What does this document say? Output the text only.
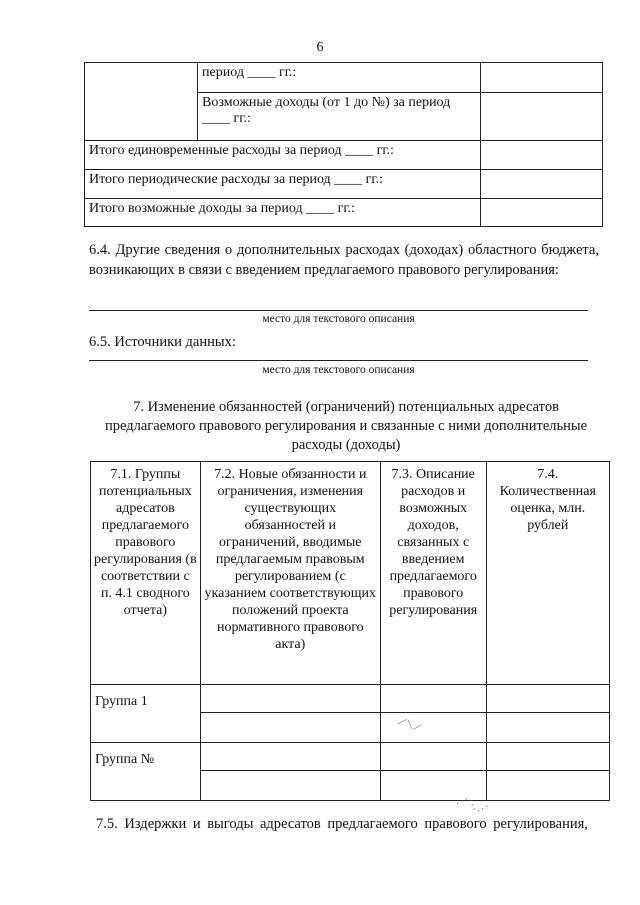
6
	период ____ гг.:	
	Возможные доходы (от 1 до №) за период ____ гг.:	
Итого единовременные расходы за период ____ гг.:		
Итого периодические расходы за период ____ гг.:		
Итого возможные доходы за период ____ гг.:		
6.4. Другие сведения о дополнительных расходах (доходах) областного бюджета, возникающих в связи с введением предлагаемого правового регулирования:
место для текстового описания
6.5. Источники данных:
место для текстового описания
7. Изменение обязанностей (ограничений) потенциальных адресатов предлагаемого правового регулирования и связанные с ними дополнительные расходы (доходы)
7.1. Группы потенциальных адресатов предлагаемого правового регулирования (в соответствии с п. 4.1 сводного отчета)	7.2. Новые обязанности и ограничения, изменения существующих обязанностей и ограничений, вводимые предлагаемым правовым регулированием (с указанием соответствующих положений проекта нормативного правового акта)	7.3. Описание расходов и возможных доходов, связанных с введением предлагаемого правового регулирования	7.4. Количественная оценка, млн. рублей
Группа 1			

Группа №			

⟋⟍⟋
⋰⋱⋰
7.5. Издержки и выгоды адресатов предлагаемого правового регулирования,
